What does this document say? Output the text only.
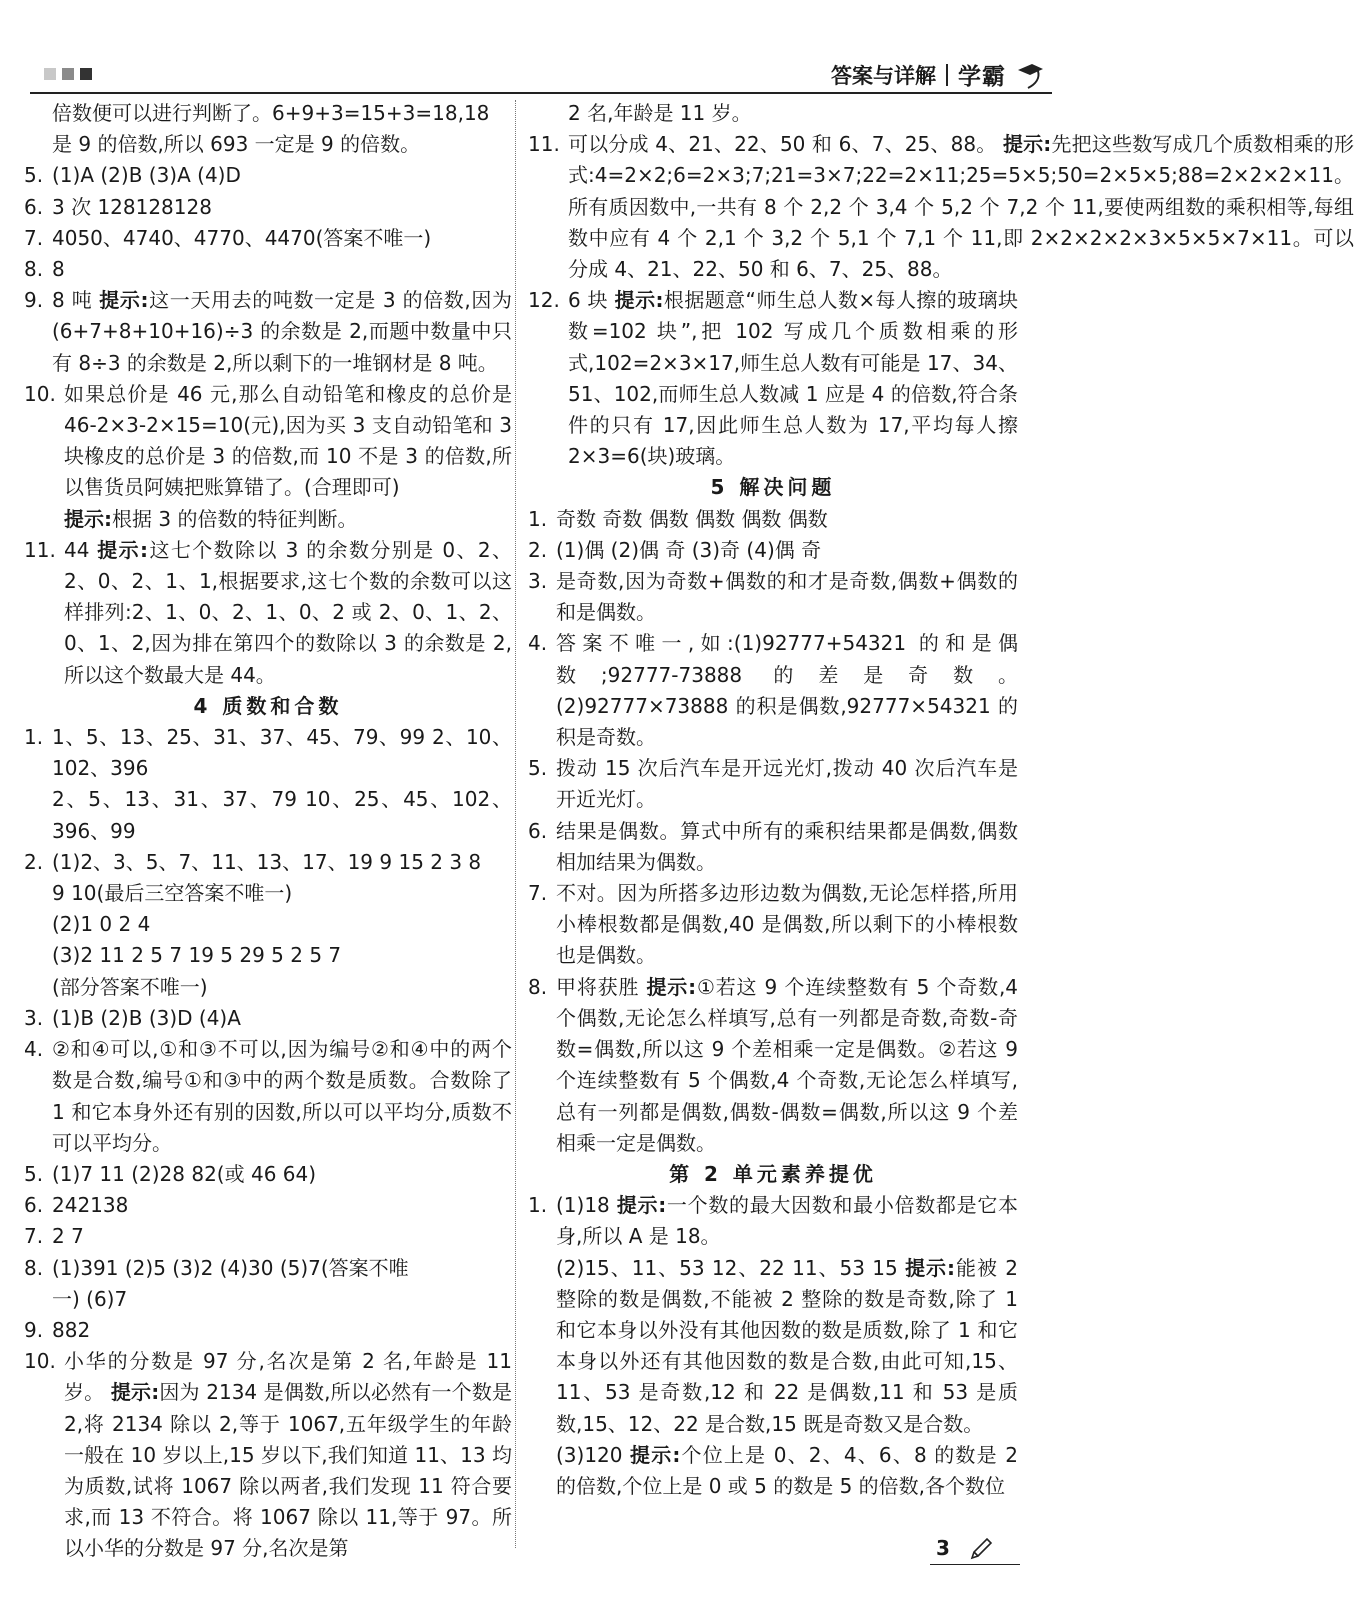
答案与详解 学霸
倍数便可以进行判断了。6+9+3=15+3=18,18
是 9 的倍数,所以 693 一定是 9 的倍数。
5. (1)A (2)B (3)A (4)D
6. 3 次 128128128
7. 4050、4740、4770、4470(答案不唯一)
8. 8
9. 8 吨 提示:这一天用去的吨数一定是 3 的倍数,因为(6+7+8+10+16)÷3 的余数是 2,而题中数量中只有 8÷3 的余数是 2,所以剩下的一堆钢材是 8 吨。
10. 如果总价是 46 元,那么自动铅笔和橡皮的总价是 46-2×3-2×15=10(元),因为买 3 支自动铅笔和 3 块橡皮的总价是 3 的倍数,而 10 不是 3 的倍数,所以售货员阿姨把账算错了。(合理即可)
提示:根据 3 的倍数的特征判断。
11. 44 提示:这七个数除以 3 的余数分别是 0、2、2、0、2、1、1,根据要求,这七个数的余数可以这样排列:2、1、0、2、1、0、2 或 2、0、1、2、0、1、2,因为排在第四个的数除以 3 的余数是 2,所以这个数最大是 44。
4 质数和合数
1. 1、5、13、25、31、37、45、79、99 2、10、102、396
2、5、13、31、37、79 10、25、45、102、396、99
2. (1)2、3、5、7、11、13、17、19 9 15 2 3 8
9 10(最后三空答案不唯一)
(2)1 0 2 4
(3)2 11 2 5 7 19 5 29 5 2 5 7
(部分答案不唯一)
3. (1)B (2)B (3)D (4)A
4. ②和④可以,①和③不可以,因为编号②和④中的两个数是合数,编号①和③中的两个数是质数。合数除了 1 和它本身外还有别的因数,所以可以平均分,质数不可以平均分。
5. (1)7 11 (2)28 82(或 46 64)
6. 242138
7. 2 7
8. (1)391 (2)5 (3)2 (4)30 (5)7(答案不唯
一) (6)7
9. 882
10. 小华的分数是 97 分,名次是第 2 名,年龄是 11 岁。 提示:因为 2134 是偶数,所以必然有一个数是 2,将 2134 除以 2,等于 1067,五年级学生的年龄一般在 10 岁以上,15 岁以下,我们知道 11、13 均为质数,试将 1067 除以两者,我们发现 11 符合要求,而 13 不符合。将 1067 除以 11,等于 97。所以小华的分数是 97 分,名次是第
2 名,年龄是 11 岁。
11. 可以分成 4、21、22、50 和 6、7、25、88。 提示:先把这些数写成几个质数相乘的形式:4=2×2;6=2×3;7;21=3×7;22=2×11;25=5×5;50=2×5×5;88=2×2×2×11。所有质因数中,一共有 8 个 2,2 个 3,4 个 5,2 个 7,2 个 11,要使两组数的乘积相等,每组数中应有 4 个 2,1 个 3,2 个 5,1 个 7,1 个 11,即 2×2×2×2×3×5×5×7×11。可以分成 4、21、22、50 和 6、7、25、88。
12. 6 块 提示:根据题意“师生总人数×每人擦的玻璃块数=102 块”,把 102 写成几个质数相乘的形式,102=2×3×17,师生总人数有可能是 17、34、51、102,而师生总人数减 1 应是 4 的倍数,符合条件的只有 17,因此师生总人数为 17,平均每人擦 2×3=6(块)玻璃。
5 解决问题
1. 奇数 奇数 偶数 偶数 偶数 偶数
2. (1)偶 (2)偶 奇 (3)奇 (4)偶 奇
3. 是奇数,因为奇数+偶数的和才是奇数,偶数+偶数的和是偶数。
4. 答案不唯一,如:(1)92777+54321 的和是偶数;92777-73888 的差是奇数。 (2)92777×73888 的积是偶数,92777×54321 的积是奇数。
5. 拨动 15 次后汽车是开远光灯,拨动 40 次后汽车是开近光灯。
6. 结果是偶数。算式中所有的乘积结果都是偶数,偶数相加结果为偶数。
7. 不对。因为所搭多边形边数为偶数,无论怎样搭,所用小棒根数都是偶数,40 是偶数,所以剩下的小棒根数也是偶数。
8. 甲将获胜 提示:①若这 9 个连续整数有 5 个奇数,4 个偶数,无论怎么样填写,总有一列都是奇数,奇数-奇数=偶数,所以这 9 个差相乘一定是偶数。②若这 9 个连续整数有 5 个偶数,4 个奇数,无论怎么样填写,总有一列都是偶数,偶数-偶数=偶数,所以这 9 个差相乘一定是偶数。
第 2 单元素养提优
1. (1)18 提示:一个数的最大因数和最小倍数都是它本身,所以 A 是 18。
(2)15、11、53 12、22 11、53 15 提示:能被 2 整除的数是偶数,不能被 2 整除的数是奇数,除了 1 和它本身以外没有其他因数的数是质数,除了 1 和它本身以外还有其他因数的数是合数,由此可知,15、11、53 是奇数,12 和 22 是偶数,11 和 53 是质数,15、12、22 是合数,15 既是奇数又是合数。
(3)120 提示:个位上是 0、2、4、6、8 的数是 2 的倍数,个位上是 0 或 5 的数是 5 的倍数,各个数位
3
